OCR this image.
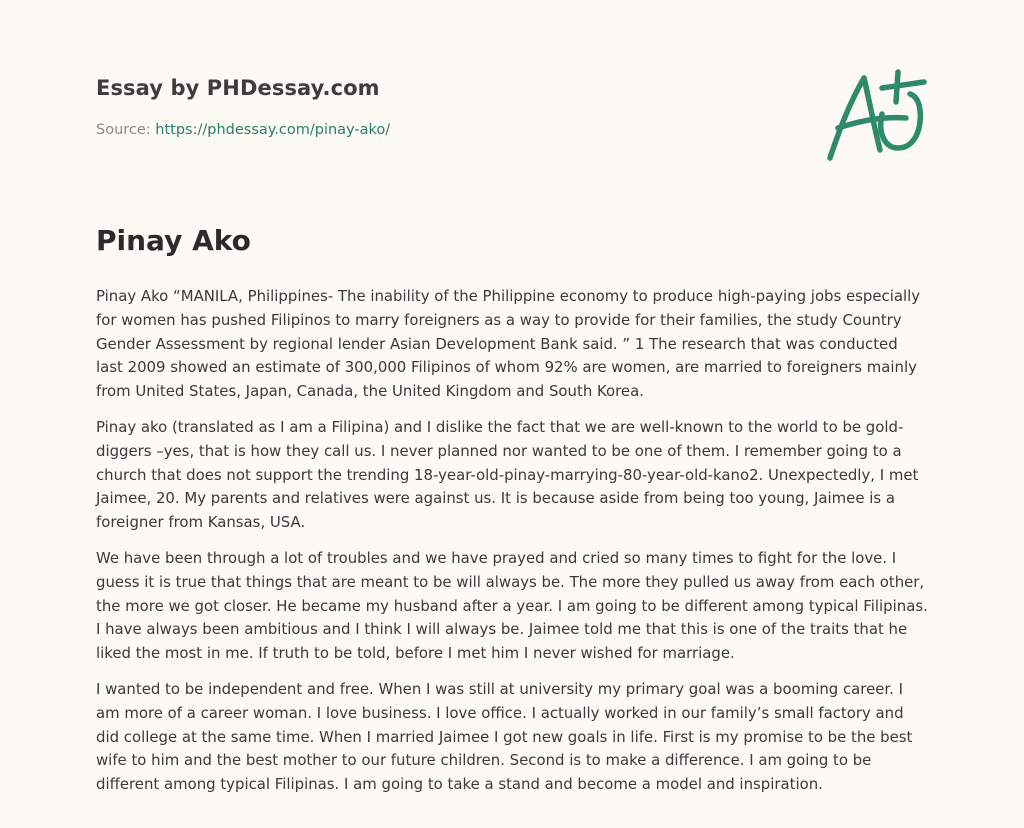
Essay by PHDessay.com
Source: https://phdessay.com/pinay-ako/
Pinay Ako

Pinay Ako “MANILA, Philippines- The inability of the Philippine economy to produce high-paying jobs especially for women has pushed Filipinos to marry foreigners as a way to provide for their families, the study Country Gender Assessment by regional lender Asian Development Bank said. ” 1 The research that was conducted last 2009 showed an estimate of 300,000 Filipinos of whom 92% are women, are married to foreigners mainly from United States, Japan, Canada, the United Kingdom and South Korea.

Pinay ako (translated as I am a Filipina) and I dislike the fact that we are well-known to the world to be gold-diggers –yes, that is how they call us. I never planned nor wanted to be one of them. I remember going to a church that does not support the trending 18-year-old-pinay-marrying-80-year-old-kano2. Unexpectedly, I met Jaimee, 20. My parents and relatives were against us. It is because aside from being too young, Jaimee is a foreigner from Kansas, USA.

We have been through a lot of troubles and we have prayed and cried so many times to fight for the love. I guess it is true that things that are meant to be will always be. The more they pulled us away from each other, the more we got closer. He became my husband after a year. I am going to be different among typical Filipinas. I have always been ambitious and I think I will always be. Jaimee told me that this is one of the traits that he liked the most in me. If truth to be told, before I met him I never wished for marriage.

I wanted to be independent and free. When I was still at university my primary goal was a booming career. I am more of a career woman. I love business. I love office. I actually worked in our family’s small factory and did college at the same time. When I married Jaimee I got new goals in life. First is my promise to be the best wife to him and the best mother to our future children. Second is to make a difference. I am going to be different among typical Filipinas. I am going to take a stand and become a model and inspiration.
